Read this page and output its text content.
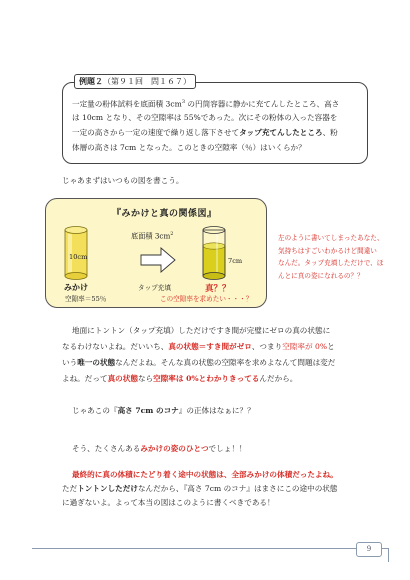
例題２（第９１回　問１６７）
一定量の粉体試料を底面積 $3cm^3$ の円筒容器に静かに充てんしたところ、高さ
は 10cm となり、その空隙率は 55%であった。次にその粉体の入った容器を
一定の高さから一定の速度で繰り返し落下させてタップ充てんしたところ、粉
体層の高さは 7cm となった。このときの空隙率（％）はいくらか？
じゃあまずはいつもの図を書こう。
『みかけと真の関係図』
底面積 $3cm^2$
10cm	7cm
みかけ	真？？
タップ充填
空隙率＝55％	この空隙率を求めたい・・・？
左のように書いてしまったあなた、
気持ちはすごいわかるけど間違い
なんだ。タップ充填しただけで、ほ
んとに真の姿になれるの？？
地面にトントン（タップ充填）しただけですき間が完璧にゼロの真の状態に
なるわけないよね。だいいち、真の状態＝すき間がゼロ、つまり空隙率が 0%と
いう唯一の状態なんだよね。そんな真の状態の空隙率を求めよなんて問題は変だ
よね。だって真の状態なら空隙率は 0%とわかりきってるんだから。
じゃあこの『高さ 7cm のコナ』の正体はなぁに？？
そう、たくさんあるみかけの姿のひとつでしょ！！
最終的に真の体積にたどり着く途中の状態は、全部みかけの体積だったよね。
ただトントンしただけなんだから、『高さ 7cm のコナ』はまさにこの途中の状態
に過ぎないよ。よって本当の図はこのように書くべきである！
9
